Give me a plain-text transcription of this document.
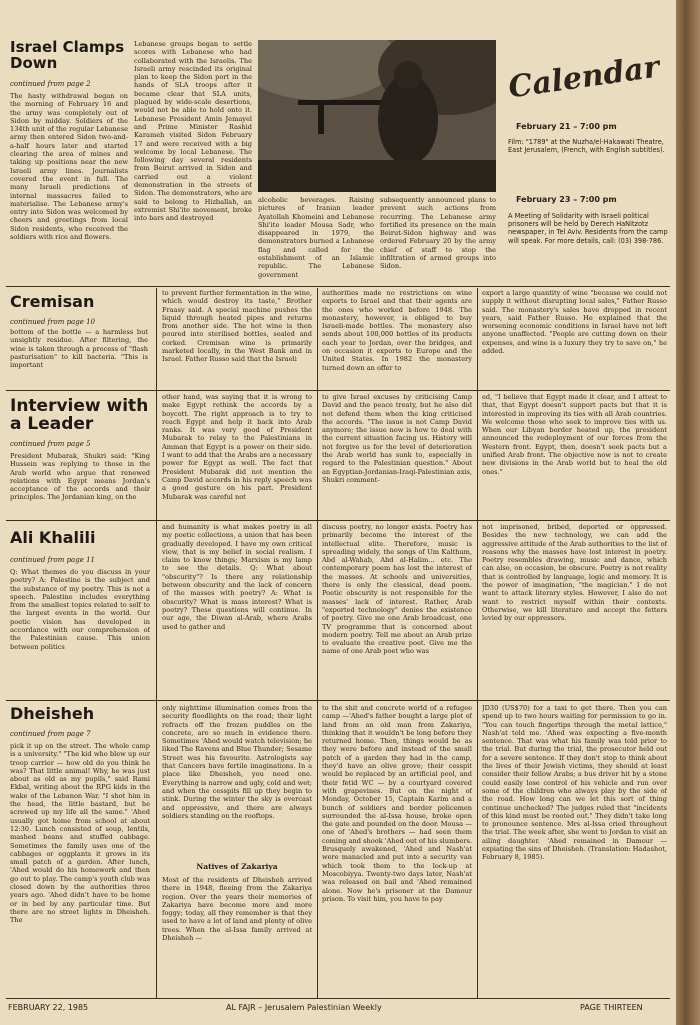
Israel Clamps Down
continued from page 2
The hasty withdrawal began on the morning of February 16 and the army was completely out of Sidon by midday. Soldiers of the 134th unit of the regular Lebanese army then entered Sidon two-and-a-half hours later and started clearing the area of mines and taking up positions near the new Israeli army lines. Journalists covered the event in full. The many Israeli predictions of internal massacres failed to materialise. The Lebanese army's entry into Sidon was welcomed by cheers and greetings from local Sidon residents, who received the soldiers with rice and flowers.
Lebanese groups began to settle scores with Lebanese who had collaborated with the Israelis. The Israeli army rescinded its original plan to keep the Sidon port in the hands of SLA troops after it became clear that SLA units, plagued by wide-scale desertions, would not be able to hold onto it. Lebanese President Amin Jemayel and Prime Minister Rashid Karameh visited Sidon February 17 and were received with a big welcome by local Lebanese. The following day several residents from Beirut arrived in Sidon and carried out a violent demonstration in the streets of Sidon. The demonstrators, who are said to belong to Hizballah, an extremist Shi'ite movement, broke into bars and destroyed
alcoholic beverages. Raising pictures of Iranian leader Ayatollah Khomeini and Lebanese Shi'ite leader Mousa Sadr, who disappeared in 1979, the demonstrators burned a Lebanese flag and called for the establishment of an Islamic republic. The Lebanese government
subsequently announced plans to prevent such actions from recurring. The Lebanese army fortified its presence on the main Beirut-Sidon highway and was ordered February 20 by the army chief of staff to stop the infiltration of armed groups into Sidon.
Calendar
February 21 – 7:00 pm
Film: "1789" at the Nuzha/el-Hakawati Theatre, East Jerusalem, (French, with English subtitles).
February 23 – 7:00 pm
A Meeting of Solidarity with Israeli political prisoners will be held by Derech HaNitzotz newspaper, in Tel Aviv. Residents from the camp will speak. For more details, call: (03) 398-786.
Cremisan
continued from page 10
bottom of the bottle — a harmless but unsightly residue. After filtering, the wine is taken through a process of "flash pasturisation" to kill bacteria. "This is important
to prevent further fermentation in the wine, which would destroy its taste," Brother Fraasy said. A special machine pushes the liquid through heated pipes and returns from another side. The hot wine is then poured into sterilised bottles, sealed and corked. Cremisan wine is primarily marketed locally, in the West Bank and in Israel. Father Russo said that the Israeli
authorities made no restrictions on wine exports to Israel and that their agents are the ones who worked before 1948. The monastery, however, is obliged to buy Israeli-made bottles. The monastery also sends about 100,000 bottles of its products each year to Jordan, over the bridges, and on occasion it exports to Europe and the United States. In 1982 the monastery turned down an offer to
export a large quantity of wine "because we could not supply it without disrupting local sales," Father Russo said. The monastery's sales have dropped in recent years, said Father Russo. He explained that the worsening economic conditions in Israel have not left anyone unaffected. "People are cutting down on their expenses, and wine is a luxury they try to save on," he added.
Interview with a Leader
continued from page 5
President Mubarak, Shukri said: "King Hussein was replying to those in the Arab world who argue that renewed relations with Egypt means Jordan's acceptance of the accords and their principles. The Jordanian king, on the
other hand, was saying that it is wrong to make Egypt rethink the accords by a boycott. The right approach is to try to reach Egypt and help it back into Arab ranks. It was very good of President Mubarak to relay to the Palestinians in Amman that Egypt is a power on their side. I want to add that the Arabs are a necessary power for Egypt as well. The fact that President Mubarak did not mention the Camp David accords in his reply speech was a good gesture on his part. President Mubarak was careful not
to give Israel excuses by criticising Camp David and the peace treaty, but he also did not defend them when the king criticised the accords. "The issue is not Camp David anymore; the issue now is how to deal with the current situation facing us. History will not forgive us for the level of deterioration the Arab world has sunk to, especially in regard to the Palestinian question." About an Egyptian-Jordanian-Iraqi-Palestinian axis, Shukri comment-
ed, "I believe that Egypt made it clear, and I attest to that, that Egypt doesn't support pacts but that it is interested in improving its ties with all Arab countries. We welcome those who seek to improve ties with us. When our Libyan border heated up, the president announced the redeployment of our forces from the Western front. Egypt, then, doesn't seek pacts but a unified Arab front. The objective now is not to create new divisions in the Arab world but to heal the old ones."
Ali Khalili
continued from page 11
Q: What themes do you discuss in your poetry? A: Palestine is the subject and the substance of my poetry. This is not a speech. Palestine includes everything from the smallest topics related to self to the largest events in the world. Our poetic vision has developed in accordance with our comprehension of the Palestinian cause. This union between politics
and humanity is what makes poetry in all my poetic collections, a union that has been gradually developed. I have my own critical view, that is my belief in social realism. I claim to know things; Marxism is my lamp to see the details. Q: What about "obscurity"? Is there any relationship between obscurity and the lack of concern of the masses with poetry? A: What is obscurity? What is mass interest? What is poetry? These questions will continue. In our age, the Diwan al-Arab, where Arabs used to gather and
discuss poetry, no longer exists. Poetry has primarily become the interest of the intellectual elite. Therefore, music is spreading widely, the songs of Um Kalthum, Abd al-Wahab, Abd al-Halim... etc. The contemporary poem has lost the interest of the masses. At schools and universities, there is only the classical, dead poem. Poetic obscurity is not responsible for the masses' lack of interest. Rather, Arab "exported technology" denies the existence of poetry. Give me one Arab broadcast, one TV programme that is concerned about modern poetry. Tell me about an Arab prize to evaluate the creative poet. Give me the name of one Arab poet who was
not imprisoned, bribed, deported or oppressed. Besides the new technology, we can add the aggressive attitude of the Arab authorities to the list of reasons why the masses have lost interest in poetry. Poetry resembles drawing, music and dance, which can also, on occasion, be obscure. Poetry is not reality that is controlled by language, logic and memory. It is the power of imagination, "the magician." I do not want to attack literary styles. However, I also do not want to restrict myself within their contexts. Otherwise, we kill literature and accept the fetters levied by our oppressors.
Dheisheh
continued from page 7
pick it up on the street. The whole camp is a university." "The kid who blew up our troop carrier — how old do you think he was? That little animal! Why, he was just about as old as my pupils," said Rami Ekbal, writing about the RPG kids in the wake of the Lebanon War. "I shot him in the head, the little bastard, but he screwed up my life all the same." 'Ahed usually got home from school at about 12:30. Lunch consisted of soup, lentils, mashed beans and stuffed cabbage. Sometimes the family uses one of the cabbages or eggplants it grows in its small patch of a garden. After lunch, 'Ahed would do his homework and then go out to play. The camp's youth club was closed down by the authorities three years ago. 'Ahed didn't have to be home or in bed by any particular time. But there are no street lights in Dheisheh. The
only nighttime illumination comes from the security floodlights on the road; their light refracts off the frozen puddles on the concrete, are so much in evidence there. Sometimes 'Ahed would watch television; he liked The Ravens and Blue Thunder; Sesame Street was his favourite. Astrologists say that Cancers have fertile imaginations. In a place like Dheisheh, you need one. Everything is narrow and ugly, cold and wet; and when the cesspits fill up they begin to stink. During the winter the sky is overcast and oppressive, and there are always soldiers standing on the rooftops.
Natives of Zakariya
Most of the residents of Dheisheh arrived there in 1948, fleeing from the Zakariya region. Over the years their memories of Zakariya have become more and more foggy; today, all they remember is that they used to have a lot of land and plenty of olive trees. When the al-Issa family arrived at Dheisheh —
to the shit and concrete world of a refugee camp —'Ahed's father bought a large plot of land from an old man from Zakariya, thinking that it wouldn't be long before they returned home. Then, things would be as they were before and instead of the small patch of a garden they had in the camp, they'd have an olive grove; their cesspit would be replaced by an artificial pool, and their fetid WC — by a courtyard covered with grapevines. But on the night of Monday, October 15, Captain Karim and a bunch of soldiers and border policemen surrounded the al-Issa house, broke open the gate and pounded on the door. Mousa — one of 'Ahed's brothers — had seen them coming and shook 'Ahed out of his slumbers. Brusquely awakened, 'Ahed and Nash'at were manacled and put into a security van which took them to the lock-up at Moscobiyya. Twenty-two days later, Nash'at was released on bail and 'Ahed remained alone. Now he's prisoner at the Damour prison. To visit him, you have to pay
JD30 (US$70) for a taxi to get there. Then you can spend up to two hours waiting for permission to go in. "You can touch fingertips through the metal lattice," Nash'at told me. 'Ahed was expecting a five-month sentence. That was what his family was told prior to the trial. But during the trial, the prosecutor held out for a severe sentence. If they don't stop to think about the lives of their Jewish victims, they should at least consider their fellow Arabs; a bus driver hit by a stone could easily lose control of his vehicle and run over some of the children who always play by the side of the road. How long can we let this sort of thing continue unchecked? The judges ruled that "incidents of this kind must be rooted out." They didn't take long to pronounce sentence. Mrs al-Issa cried throughout the trial. The week after, she went to Jordan to visit an ailing daughter. 'Ahed remained in Damour — expiating the sins of Dheisheh. (Translation: Hadashot, February 8, 1985).
FEBRUARY 22, 1985	AL FAJR – Jerusalem Palestinian Weekly	PAGE THIRTEEN
